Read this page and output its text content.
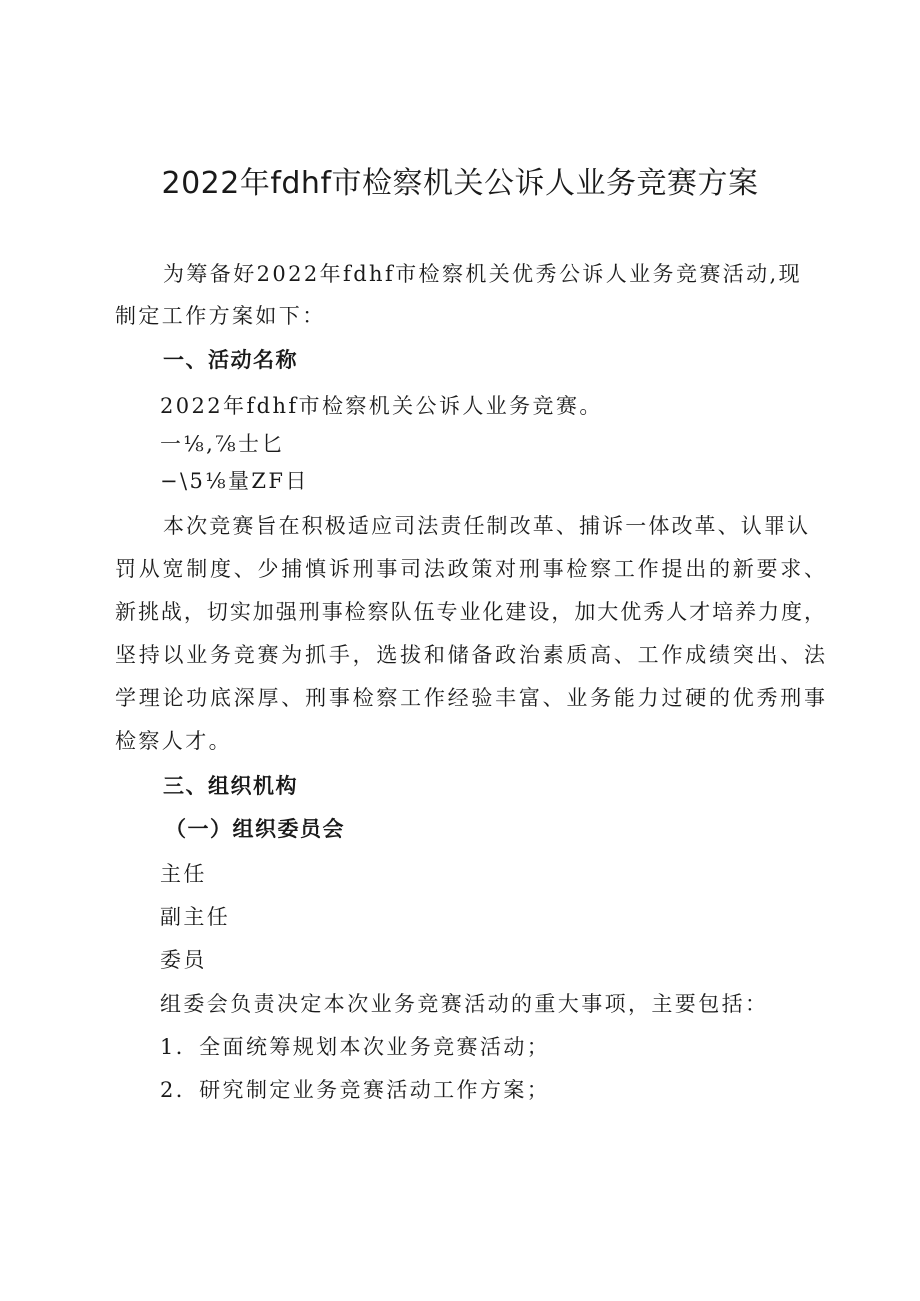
2022年fdhf市检察机关公诉人业务竞赛方案
为筹备好2022年fdhf市检察机关优秀公诉人业务竞赛活动,现
制定工作方案如下：
一、活动名称
2022年fdhf市检察机关公诉人业务竞赛。
一⅛,⅞士匕
−\5⅛量ZF日
本次竞赛旨在积极适应司法责任制改革、捕诉一体改革、认罪认
罚从宽制度、少捕慎诉刑事司法政策对刑事检察工作提出的新要求、
新挑战，切实加强刑事检察队伍专业化建设，加大优秀人才培养力度，
坚持以业务竞赛为抓手，选拔和储备政治素质高、工作成绩突出、法
学理论功底深厚、刑事检察工作经验丰富、业务能力过硬的优秀刑事
检察人才。
三、组织机构
（一）组织委员会
主任
副主任
委员
组委会负责决定本次业务竞赛活动的重大事项，主要包括：
1．全面统筹规划本次业务竞赛活动；
2．研究制定业务竞赛活动工作方案；
